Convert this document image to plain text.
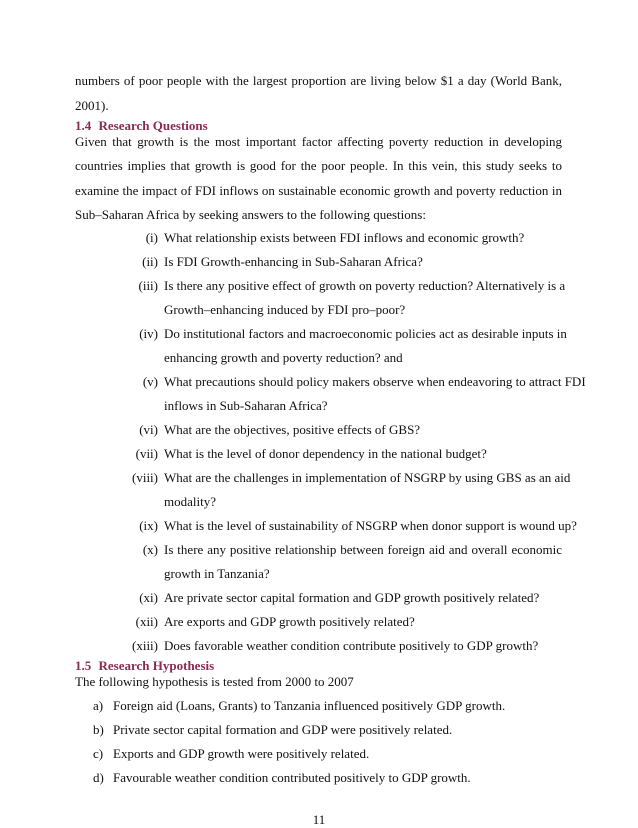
numbers of poor people with the largest proportion are living below $1 a day (World Bank,
2001).
1.4 Research Questions
Given that growth is the most important factor affecting poverty reduction in developing
countries implies that growth is good for the poor people. In this vein, this study seeks to
examine the impact of FDI inflows on sustainable economic growth and poverty reduction in
Sub–Saharan Africa by seeking answers to the following questions:
(i) What relationship exists between FDI inflows and economic growth?
(ii) Is FDI Growth-enhancing in Sub-Saharan Africa?
(iii) Is there any positive effect of growth on poverty reduction? Alternatively is a
Growth–enhancing induced by FDI pro–poor?
(iv) Do institutional factors and macroeconomic policies act as desirable inputs in
enhancing growth and poverty reduction? and
(v) What precautions should policy makers observe when endeavoring to attract FDI
inflows in Sub-Saharan Africa?
(vi) What are the objectives, positive effects of GBS?
(vii) What is the level of donor dependency in the national budget?
(viii) What are the challenges in implementation of NSGRP by using GBS as an aid
modality?
(ix) What is the level of sustainability of NSGRP when donor support is wound up?
(x) Is there any positive relationship between foreign aid and overall economic
growth in Tanzania?
(xi) Are private sector capital formation and GDP growth positively related?
(xii) Are exports and GDP growth positively related?
(xiii) Does favorable weather condition contribute positively to GDP growth?
1.5 Research Hypothesis
The following hypothesis is tested from 2000 to 2007
a) Foreign aid (Loans, Grants) to Tanzania influenced positively GDP growth.
b) Private sector capital formation and GDP were positively related.
c) Exports and GDP growth were positively related.
d) Favourable weather condition contributed positively to GDP growth.
11
